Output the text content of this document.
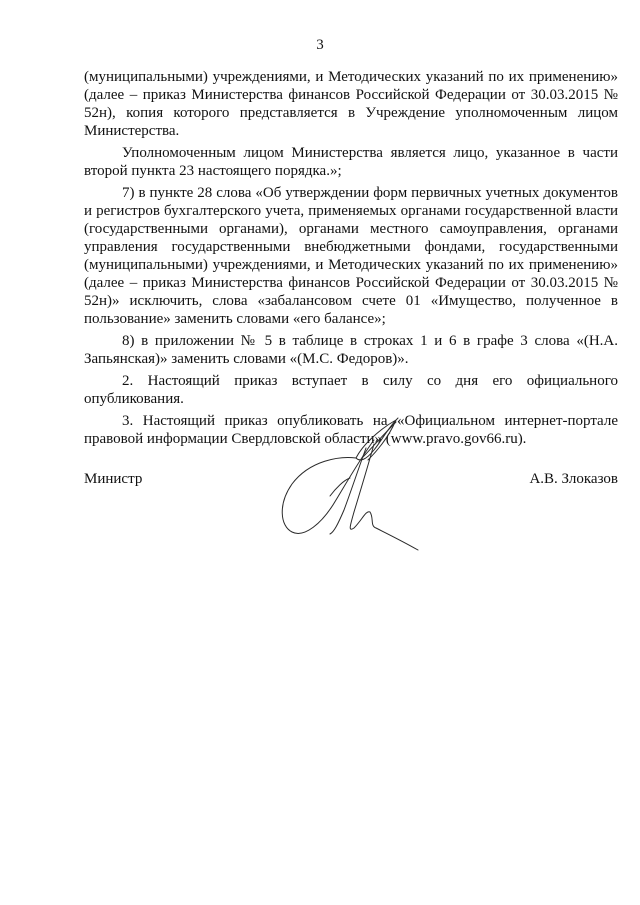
3

(муниципальными) учреждениями, и Методических указаний по их применению» (далее – приказ Министерства финансов Российской Федерации от 30.03.2015 № 52н), копия которого представляется в Учреждение уполномоченным лицом Министерства.

Уполномоченным лицом Министерства является лицо, указанное в части второй пункта 23 настоящего порядка.»;

7) в пункте 28 слова «Об утверждении форм первичных учетных документов и регистров бухгалтерского учета, применяемых органами государственной власти (государственными органами), органами местного самоуправления, органами управления государственными внебюджетными фондами, государственными (муниципальными) учреждениями, и Методических указаний по их применению» (далее – приказ Министерства финансов Российской Федерации от 30.03.2015 № 52н)» исключить, слова «забалансовом счете 01 «Имущество, полученное в пользование» заменить словами «его балансе»;

8) в приложении № 5 в таблице в строках 1 и 6 в графе 3 слова «(Н.А. Запьянская)» заменить словами «(М.С. Федоров)».

2. Настоящий приказ вступает в силу со дня его официального опубликования.

3. Настоящий приказ опубликовать на «Официальном интернет-портале правовой информации Свердловской области» (www.pravo.gov66.ru).

Министр	А.В. Злоказов
